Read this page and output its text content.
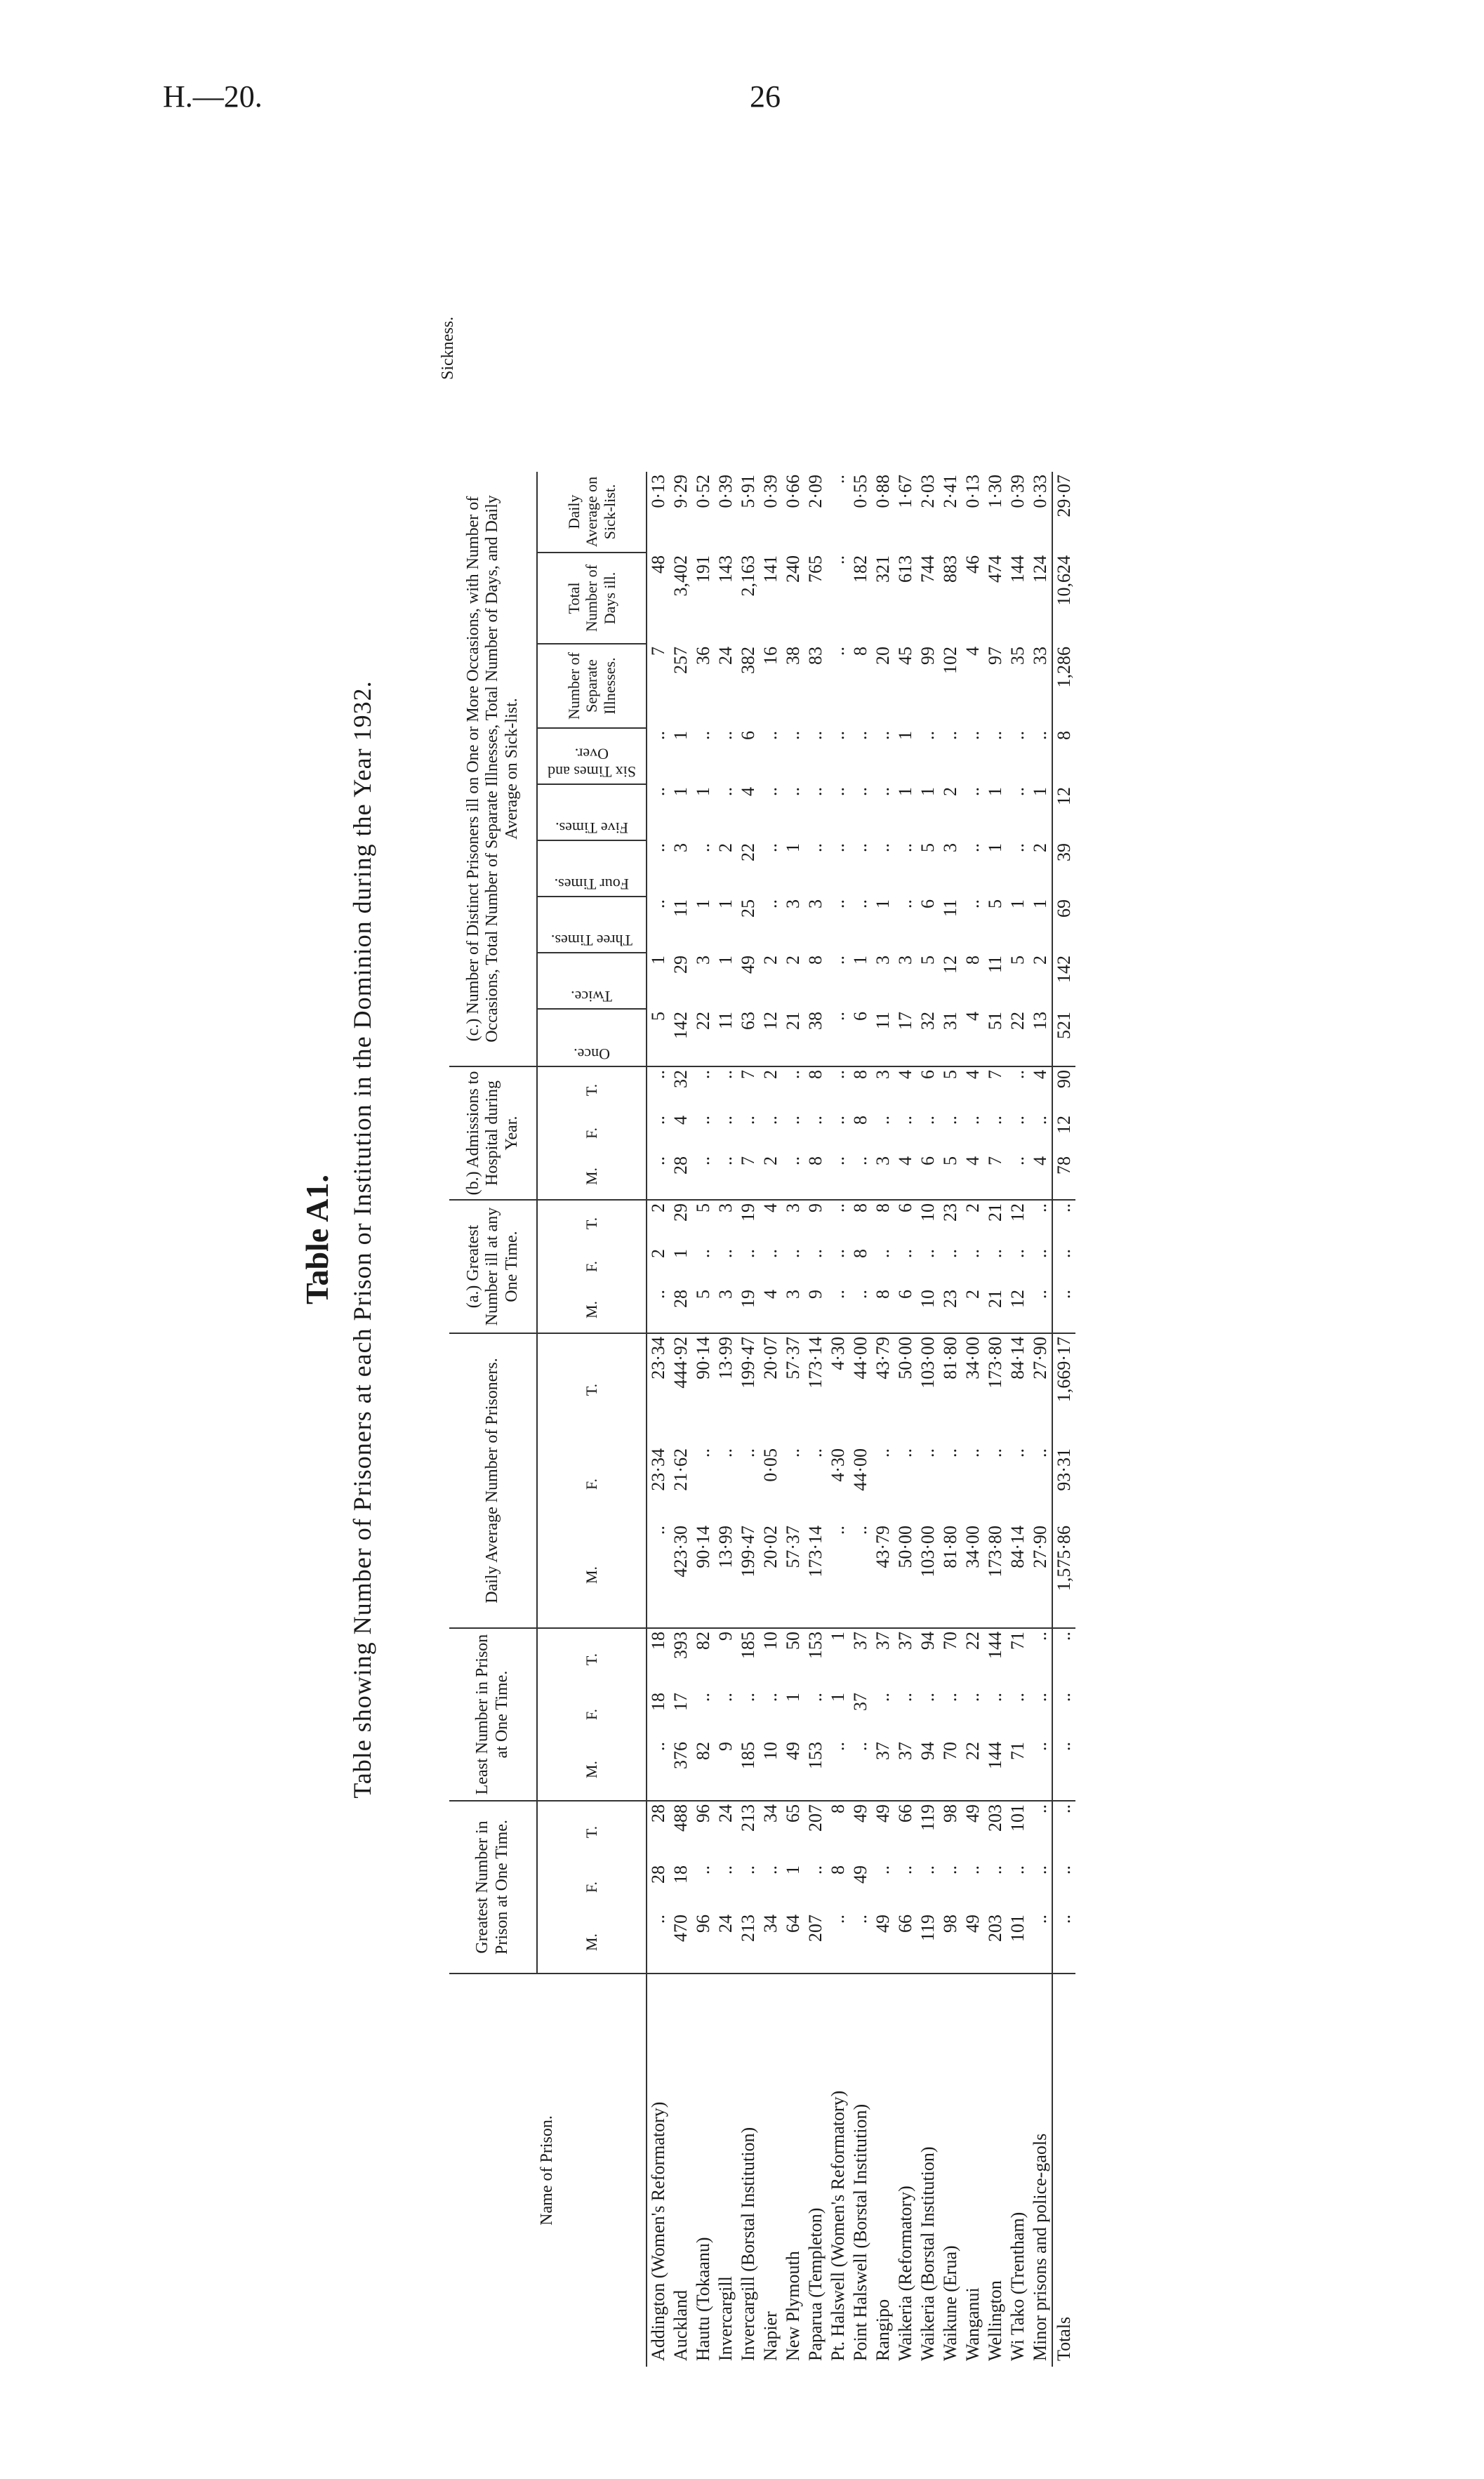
H.—20.	26
Table A1. Table showing Number of Prisoners at each Prison or Institution in the Dominion during the Year 1932.
Sickness.
Name of Prison.	Greatest Number in Prison at One Time.			Least Number in Prison at One Time.			Daily Average Number of Prisoners.			(a.) Greatest Number ill at any One Time.			(b.) Admissions to Hospital during Year.			(c.) Number of Distinct Prisoners ill on One or More Occasions, with Number of Occasions, Total Number of Separate Illnesses, Total Number of Days, and Daily Average on Sick-list.								

																Once.	Twice.	Three Times.	Four Times.	Five Times.	Six Times and Over.	Number of Separate Illnesses.	Total Number of Days ill.	Daily Average on Sick-list.
	M.	F.	T.	M.	F.	T.	M.	F.	T.	M.	F.	T.	M.	F.	T.									
Addington (Women's Reformatory)	..	28	28	..	18	18	..	23·34	23·34	..	2	2	..	..	..	5	1	..	..	..	..	7	48	0·13
Auckland	470	18	488	376	17	393	423·30	21·62	444·92	28	1	29	28	4	32	142	29	11	3	1	1	257	3,402	9·29
Hautu (Tokaanu)	96	..	96	82	..	82	90·14	..	90·14	5	..	5	..	..	..	22	3	1	..	1	..	36	191	0·52
Invercargill	24	..	24	9	..	9	13·99	..	13·99	3	..	3	..	..	..	11	1	1	2	..	..	24	143	0·39
Invercargill (Borstal Institution)	213	..	213	185	..	185	199·47	..	199·47	19	..	19	7	..	7	63	49	25	22	4	6	382	2,163	5·91
Napier	34	..	34	10	..	10	20·02	0·05	20·07	4	..	4	2	..	2	12	2	..	..	..	..	16	141	0·39
New Plymouth	64	1	65	49	1	50	57·37	..	57·37	3	..	3	..	..	..	21	2	3	1	..	..	38	240	0·66
Paparua (Templeton)	207	..	207	153	..	153	173·14	..	173·14	9	..	9	8	..	8	38	8	3	..	..	..	83	765	2·09
Pt. Halswell (Women's Reformatory)	..	8	8	..	1	1	..	4·30	4·30	..	..	..	..	..	..	..	..	..	..	..	..	..	..	..
Point Halswell (Borstal Institution)	..	49	49	..	37	37	..	44·00	44·00	..	8	8	..	8	8	6	1	..	..	..	..	8	182	0·55
Rangipo	49	..	49	37	..	37	43·79	..	43·79	8	..	8	3	..	3	11	3	1	..	..	..	20	321	0·88
Waikeria (Reformatory)	66	..	66	37	..	37	50·00	..	50·00	6	..	6	4	..	4	17	3	..	..	1	1	45	613	1·67
Waikeria (Borstal Institution)	119	..	119	94	..	94	103·00	..	103·00	10	..	10	6	..	6	32	5	6	5	1	..	99	744	2·03
Waikune (Erua)	98	..	98	70	..	70	81·80	..	81·80	23	..	23	5	..	5	31	12	11	3	2	..	102	883	2·41
Wanganui	49	..	49	22	..	22	34·00	..	34·00	2	..	2	4	..	4	4	8	..	..	..	..	4	46	0·13
Wellington	203	..	203	144	..	144	173·80	..	173·80	21	..	21	7	..	7	51	11	5	1	1	..	97	474	1·30
Wi Tako (Trentham)	101	..	101	71	..	71	84·14	..	84·14	12	..	12	..	..	..	22	5	1	..	..	..	35	144	0·39
Minor prisons and police-gaols	..	..	..	..	..	..	27·90	..	27·90	..	..	..	4	..	4	13	2	1	2	1	..	33	124	0·33
Totals	..	..	..	..	..	..	1,575·86	93·31	1,669·17	..	..	..	78	12	90	521	142	69	39	12	8	1,286	10,624	29·07
